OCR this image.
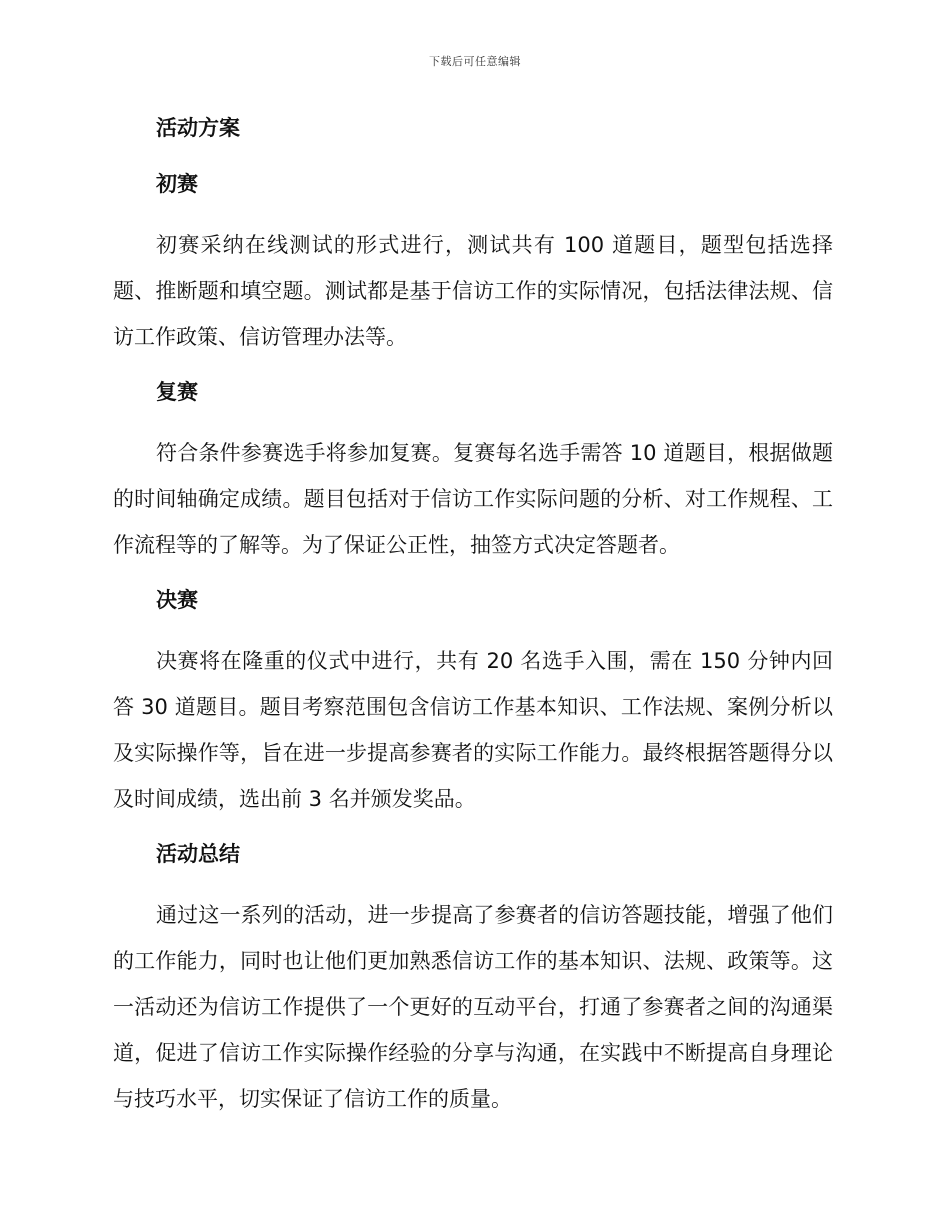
下载后可任意编辑
活动方案
初赛

初赛采纳在线测试的形式进行，测试共有 100 道题目，题型包括选择题、推断题和填空题。测试都是基于信访工作的实际情况，包括法律法规、信访工作政策、信访管理办法等。

复赛

符合条件参赛选手将参加复赛。复赛每名选手需答 10 道题目，根据做题的时间轴确定成绩。题目包括对于信访工作实际问题的分析、对工作规程、工作流程等的了解等。为了保证公正性，抽签方式决定答题者。

决赛

决赛将在隆重的仪式中进行，共有 20 名选手入围，需在 150 分钟内回答 30 道题目。题目考察范围包含信访工作基本知识、工作法规、案例分析以及实际操作等，旨在进一步提高参赛者的实际工作能力。最终根据答题得分以及时间成绩，选出前 3 名并颁发奖品。

活动总结

通过这一系列的活动，进一步提高了参赛者的信访答题技能，增强了他们的工作能力，同时也让他们更加熟悉信访工作的基本知识、法规、政策等。这一活动还为信访工作提供了一个更好的互动平台，打通了参赛者之间的沟通渠道，促进了信访工作实际操作经验的分享与沟通，在实践中不断提高自身理论与技巧水平，切实保证了信访工作的质量。
